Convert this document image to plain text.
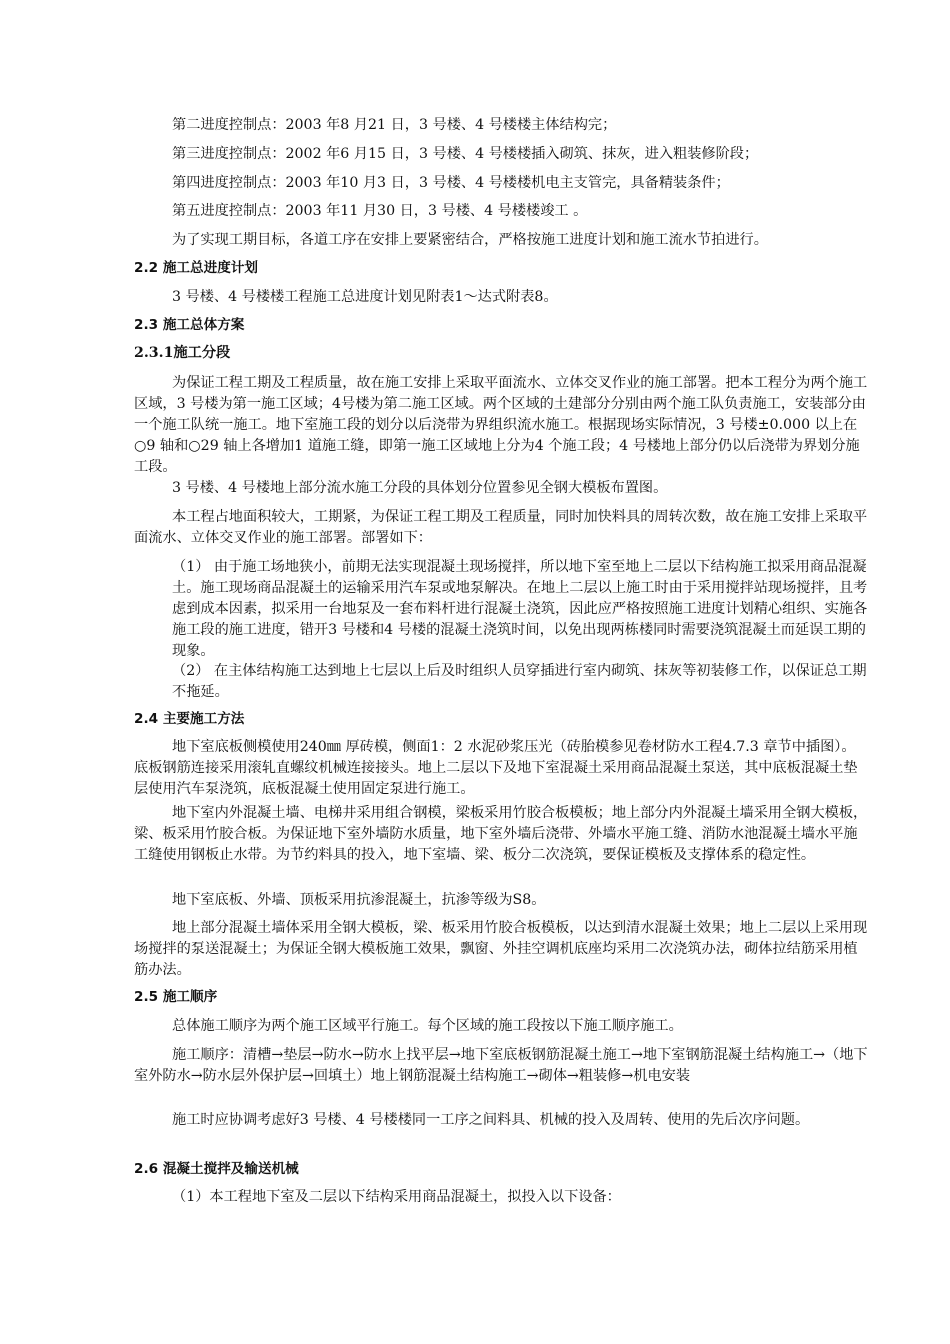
第二进度控制点：2003 年8 月21 日，3 号楼、4 号楼楼主体结构完；

第三进度控制点：2002 年6 月15 日，3 号楼、4 号楼楼插入砌筑、抹灰，进入粗装修阶段；

第四进度控制点：2003 年10 月3 日，3 号楼、4 号楼楼机电主支管完，具备精装条件；

第五进度控制点：2003 年11 月30 日，3 号楼、4 号楼楼竣工 。

为了实现工期目标，各道工序在安排上要紧密结合，严格按施工进度计划和施工流水节拍进行。

2.2 施工总进度计划

3 号楼、4 号楼楼工程施工总进度计划见附表1～达式附表8。

2.3 施工总体方案
2.3.1施工分段

为保证工程工期及工程质量，故在施工安排上采取平面流水、立体交叉作业的施工部署。把本工程分为两个施工区域，3 号楼为第一施工区域；4号楼为第二施工区域。两个区域的土建部分分别由两个施工队负责施工，安装部分由一个施工队统一施工。地下室施工段的划分以后浇带为界组织流水施工。根据现场实际情况，3 号楼±0.000 以上在○9 轴和○29 轴上各增加1 道施工缝，即第一施工区域地上分为4 个施工段；4 号楼地上部分仍以后浇带为界划分施工段。

3 号楼、4 号楼地上部分流水施工分段的具体划分位置参见全钢大模板布置图。

本工程占地面积较大，工期紧，为保证工程工期及工程质量，同时加快料具的周转次数，故在施工安排上采取平面流水、立体交叉作业的施工部署。部署如下：

（1） 由于施工场地狭小，前期无法实现混凝土现场搅拌，所以地下室至地上二层以下结构施工拟采用商品混凝土。施工现场商品混凝土的运输采用汽车泵或地泵解决。在地上二层以上施工时由于采用搅拌站现场搅拌，且考虑到成本因素，拟采用一台地泵及一套布料杆进行混凝土浇筑，因此应严格按照施工进度计划精心组织、实施各施工段的施工进度，错开3 号楼和4 号楼的混凝土浇筑时间，以免出现两栋楼同时需要浇筑混凝土而延误工期的现象。

（2） 在主体结构施工达到地上七层以上后及时组织人员穿插进行室内砌筑、抹灰等初装修工作，以保证总工期不拖延。

2.4 主要施工方法

地下室底板侧模使用240㎜ 厚砖模，侧面1：2 水泥砂浆压光（砖胎模参见卷材防水工程4.7.3 章节中插图）。底板钢筋连接采用滚轧直螺纹机械连接接头。地上二层以下及地下室混凝土采用商品混凝土泵送，其中底板混凝土垫层使用汽车泵浇筑，底板混凝土使用固定泵进行施工。

地下室内外混凝土墙、电梯井采用组合钢模，梁板采用竹胶合板模板；地上部分内外混凝土墙采用全钢大模板，梁、板采用竹胶合板。为保证地下室外墙防水质量，地下室外墙后浇带、外墙水平施工缝、消防水池混凝土墙水平施工缝使用钢板止水带。为节约料具的投入，地下室墙、梁、板分二次浇筑，要保证模板及支撑体系的稳定性。

地下室底板、外墙、顶板采用抗渗混凝土，抗渗等级为S8。

地上部分混凝土墙体采用全钢大模板，梁、板采用竹胶合板模板，以达到清水混凝土效果；地上二层以上采用现场搅拌的泵送混凝土；为保证全钢大模板施工效果，飘窗、外挂空调机底座均采用二次浇筑办法，砌体拉结筋采用植筋办法。

2.5 施工顺序

总体施工顺序为两个施工区域平行施工。每个区域的施工段按以下施工顺序施工。

施工顺序：清槽→垫层→防水→防水上找平层→地下室底板钢筋混凝土施工→地下室钢筋混凝土结构施工→（地下室外防水→防水层外保护层→回填土）地上钢筋混凝土结构施工→砌体→粗装修→机电安装

施工时应协调考虑好3 号楼、4 号楼楼同一工序之间料具、机械的投入及周转、使用的先后次序问题。

2.6 混凝土搅拌及输送机械

（1）本工程地下室及二层以下结构采用商品混凝土，拟投入以下设备：
